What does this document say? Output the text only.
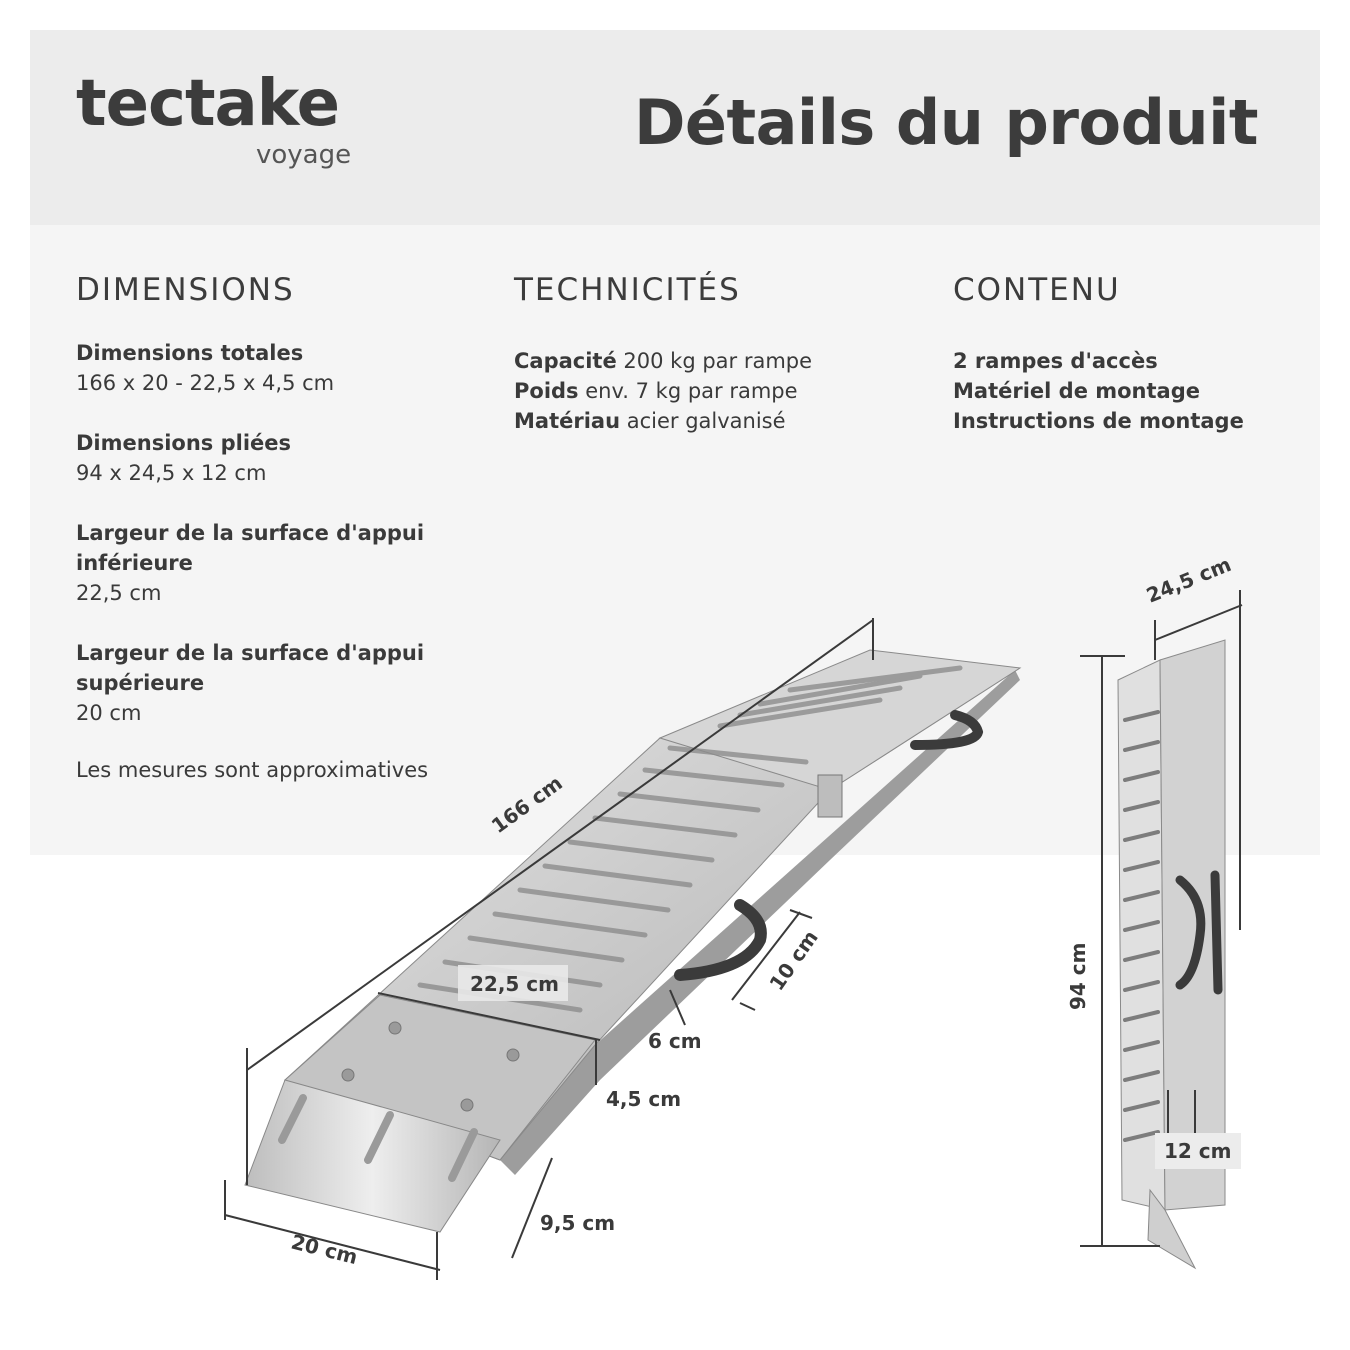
tectake
voyage	Détails du produit
DIMENSIONS	TECHNICITÉS	CONTENU
Dimensions totales
166 x 20 - 22,5 x 4,5 cm
Dimensions pliées
94 x 24,5 x 12 cm
Largeur de la surface d'appui inférieure
22,5 cm
Largeur de la surface d'appui supérieure
20 cm
Les mesures sont approximatives
Capacité 200 kg par rampe
Poids env. 7 kg par rampe
Matériau acier galvanisé
2 rampes d'accès
Matériel de montage
Instructions de montage
166 cm
22,5 cm	10 cm
6 cm
4,5 cm
9,5 cm
20 cm
24,5 cm
94 cm
12 cm
